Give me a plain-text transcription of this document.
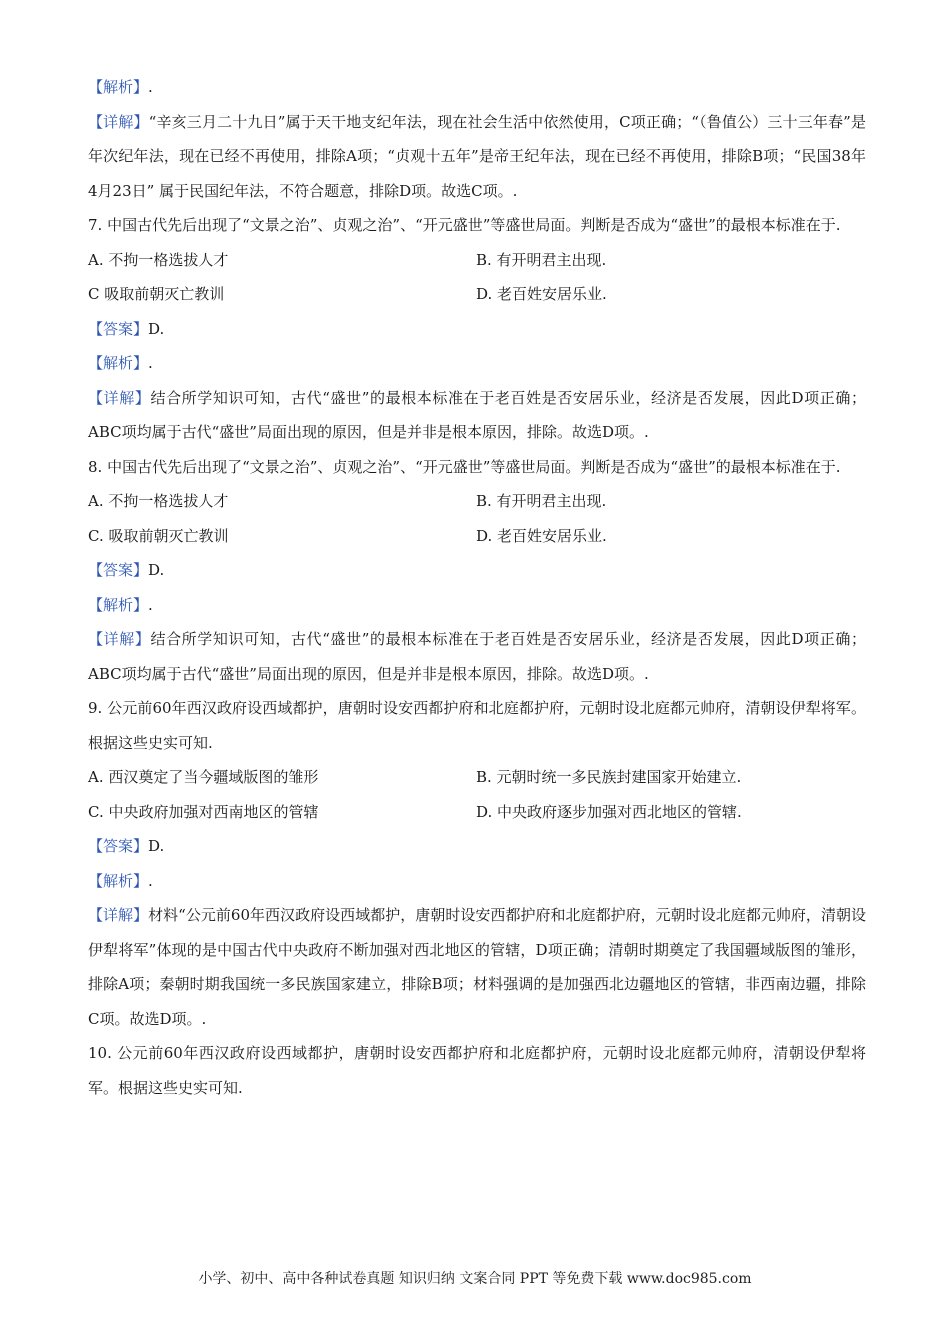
【解析】.

【详解】“辛亥三月二十九日”属于天干地支纪年法，现在社会生活中依然使用，C项正确；“（鲁值公）三十三年春”是年次纪年法，现在已经不再使用，排除A项；“贞观十五年”是帝王纪年法，现在已经不再使用，排除B项；“民国38年4月23日” 属于民国纪年法，不符合题意，排除D项。故选C项。.

7. 中国古代先后出现了“文景之治”、贞观之治”、“开元盛世”等盛世局面。判断是否成为“盛世”的最根本标准在于.

A. 不拘一格选拔人才	B. 有开明君主出现.
C 吸取前朝灭亡教训	D. 老百姓安居乐业.
【答案】D.
【解析】.

【详解】结合所学知识可知，古代“盛世”的最根本标准在于老百姓是否安居乐业，经济是否发展，因此D项正确；ABC项均属于古代“盛世”局面出现的原因，但是并非是根本原因，排除。故选D项。.

8. 中国古代先后出现了“文景之治”、贞观之治”、“开元盛世”等盛世局面。判断是否成为“盛世”的最根本标准在于.

A. 不拘一格选拔人才	B. 有开明君主出现.
C. 吸取前朝灭亡教训	D. 老百姓安居乐业.
【答案】D.
【解析】.

【详解】结合所学知识可知，古代“盛世”的最根本标准在于老百姓是否安居乐业，经济是否发展，因此D项正确；ABC项均属于古代“盛世”局面出现的原因，但是并非是根本原因，排除。故选D项。.

9. 公元前60年西汉政府设西域都护，唐朝时设安西都护府和北庭都护府，元朝时设北庭都元帅府，清朝设伊犁将军。根据这些史实可知.

A. 西汉奠定了当今疆域版图的雏形	B. 元朝时统一多民族封建国家开始建立.
C. 中央政府加强对西南地区的管辖	D. 中央政府逐步加强对西北地区的管辖.
【答案】D.
【解析】.

【详解】材料“公元前60年西汉政府设西域都护，唐朝时设安西都护府和北庭都护府，元朝时设北庭都元帅府，清朝设伊犁将军”体现的是中国古代中央政府不断加强对西北地区的管辖，D项正确；清朝时期奠定了我国疆域版图的雏形，排除A项；秦朝时期我国统一多民族国家建立，排除B项；材料强调的是加强西北边疆地区的管辖，非西南边疆，排除C项。故选D项。.

10. 公元前60年西汉政府设西域都护，唐朝时设安西都护府和北庭都护府，元朝时设北庭都元帅府，清朝设伊犁将军。根据这些史实可知.

小学、初中、高中各种试卷真题 知识归纳 文案合同 PPT 等免费下载 www.doc985.com
